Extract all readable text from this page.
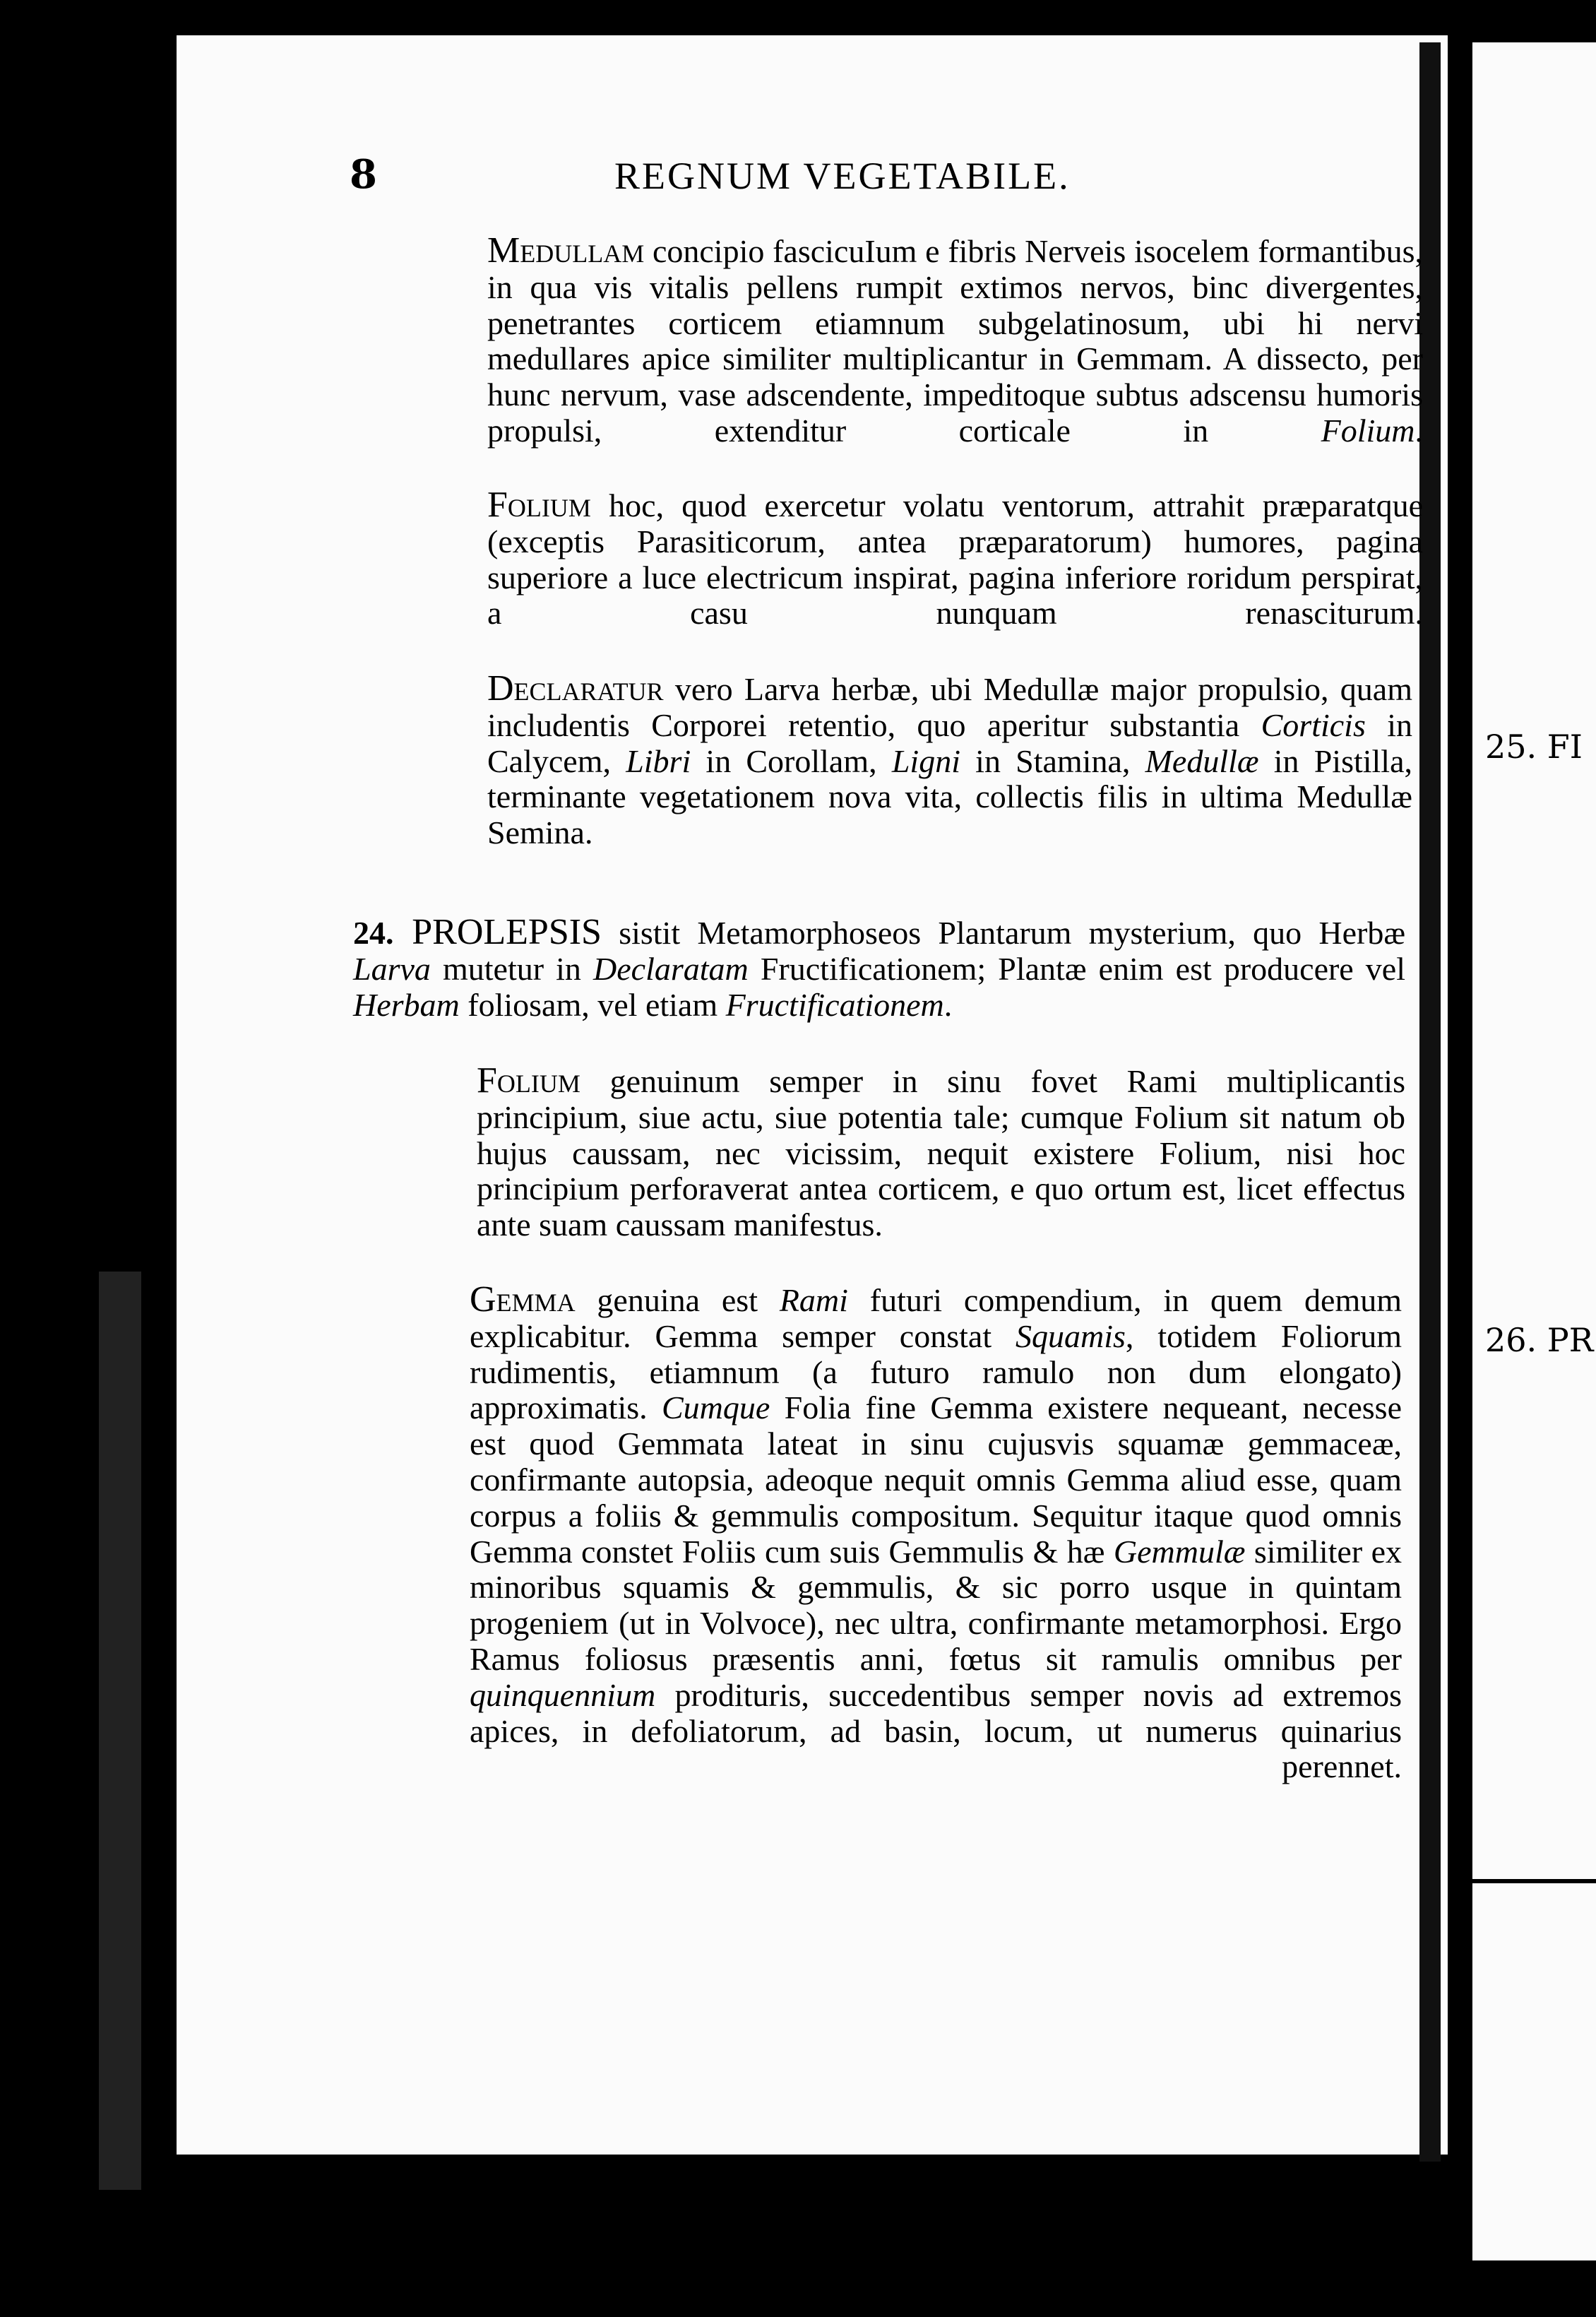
25. FI
26. PR
8	REGNUM VEGETABILE.
Medullam concipio fascicuIum e fibris Nerveis isocelem formantibus, in qua vis vitalis pellens rumpit extimos nervos, binc divergentes, penetrantes corticem etiamnum subgelatinosum, ubi hi nervi medullares apice similiter multiplicantur in Gemmam. A dissecto, per hunc nervum, vase adscendente, impeditoque subtus adscensu humoris propulsi, extenditur corticale in Folium.
Folium hoc, quod exercetur volatu ventorum, attrahit præparatque (exceptis Parasiticorum, antea præparatorum) humores, pagina superiore a luce electricum inspirat, pagina inferiore roridum perspirat, a casu nunquam renasciturum.
Declaratur vero Larva herbæ, ubi Medullæ major propulsio, quam includentis Corporei retentio, quo aperitur substantia Corticis in Calycem, Libri in Corollam, Ligni in Stamina, Medullæ in Pistilla, terminante vegetationem nova vita, collectis filis in ultima Medullæ Semina.
24. PROLEPSIS sistit Metamorphoseos Plantarum mysterium, quo Herbæ Larva mutetur in Declaratam Fructificationem; Plantæ enim est producere vel Herbam foliosam, vel etiam Fructificationem.
Folium genuinum semper in sinu fovet Rami multiplicantis principium, siue actu, siue potentia tale; cumque Folium sit natum ob hujus caussam, nec vicissim, nequit existere Folium, nisi hoc principium perforaverat antea corticem, e quo ortum est, licet effectus ante suam caussam manifestus.
Gemma genuina est Rami futuri compendium, in quem demum explicabitur. Gemma semper constat Squamis, totidem Foliorum rudimentis, etiamnum (a futuro ramulo non dum elongato) approximatis. Cumque Folia fine Gemma existere nequeant, necesse est quod Gemmata lateat in sinu cujusvis squamæ gemmaceæ, confirmante autopsia, adeoque nequit omnis Gemma aliud esse, quam corpus a foliis & gemmulis compositum. Sequitur itaque quod omnis Gemma constet Foliis cum suis Gemmulis & hæ Gemmulæ similiter ex minoribus squamis & gemmulis, & sic porro usque in quintam progeniem (ut in Volvoce), nec ultra, confirmante metamorphosi. Ergo Ramus foliosus præsentis anni, fœtus sit ramulis omnibus per quinquennium prodituris, succedentibus semper novis ad extremos apices, in defoliatorum, ad basin, locum, ut numerus quinarius perennet.
